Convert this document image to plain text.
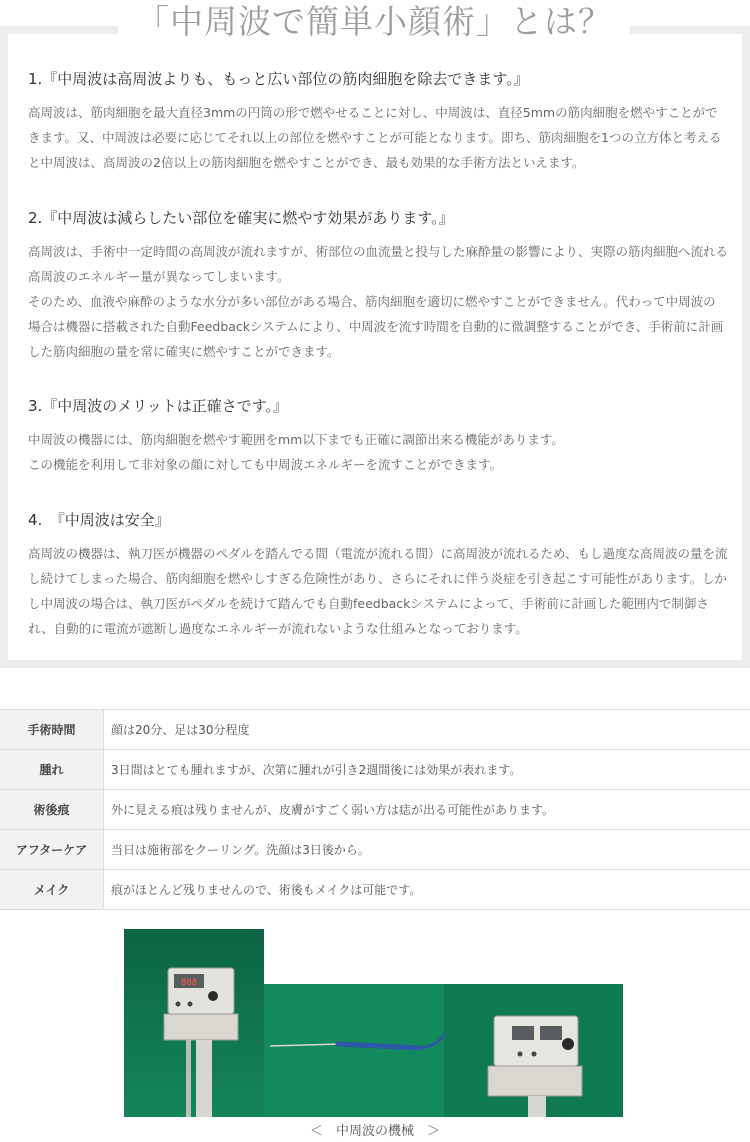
「中周波で簡単小顔術」とは？
1.『中周波は高周波よりも、もっと広い部位の筋肉細胞を除去できます。』

高周波は、筋肉細胞を最大直径3mmの円筒の形で燃やせることに対し、中周波は、直径5mmの筋肉細胞を燃やすことができます。又、中周波は必要に応じてそれ以上の部位を燃やすことが可能となります。即ち、筋肉細胞を1つの立方体と考えると中周波は、高周波の2倍以上の筋肉細胞を燃やすことができ、最も効果的な手術方法といえます。

2.『中周波は減らしたい部位を確実に燃やす効果があります。』

高周波は、手術中一定時間の高周波が流れますが、術部位の血流量と投与した麻酔量の影響により、実際の筋肉細胞へ流れる高周波のエネルギー量が異なってしまいます。

そのため、血液や麻酔のような水分が多い部位がある場合、筋肉細胞を適切に燃やすことができません。代わって中周波の場合は機器に搭載された自動Feedbackシステムにより、中周波を流す時間を自動的に微調整することができ、手術前に計画した筋肉細胞の量を常に確実に燃やすことができます。

3.『中周波のメリットは正確さです。』

中周波の機器には、筋肉細胞を燃やす範囲をmm以下までも正確に調節出来る機能があります。

この機能を利用して非対象の顔に対しても中周波エネルギーを流すことができます。

4.　『中周波は安全』

高周波の機器は、執刀医が機器のペダルを踏んでる間（電流が流れる間）に高周波が流れるため、もし過度な高周波の量を流し続けてしまった場合、筋肉細胞を燃やしすぎる危険性があり、さらにそれに伴う炎症を引き起こす可能性があります。しかし中周波の場合は、執刀医がペダルを続けて踏んでも自動feedbackシステムによって、手術前に計画した範囲内で制御され、自動的に電流が遮断し過度なエネルギーが流れないような仕組みとなっております。

手術時間	顔は20分、足は30分程度
腫れ	3日間はとても腫れますが、次第に腫れが引き2週間後には効果が表れます。
術後痕	外に見える痕は残りませんが、皮膚がすごく弱い方は痣が出る可能性があります。
アフターケア	当日は施術部をクーリング。洗顔は3日後から。
メイク	痕がほとんど残りませんので、術後もメイクは可能です。
888
＜　中周波の機械　＞
